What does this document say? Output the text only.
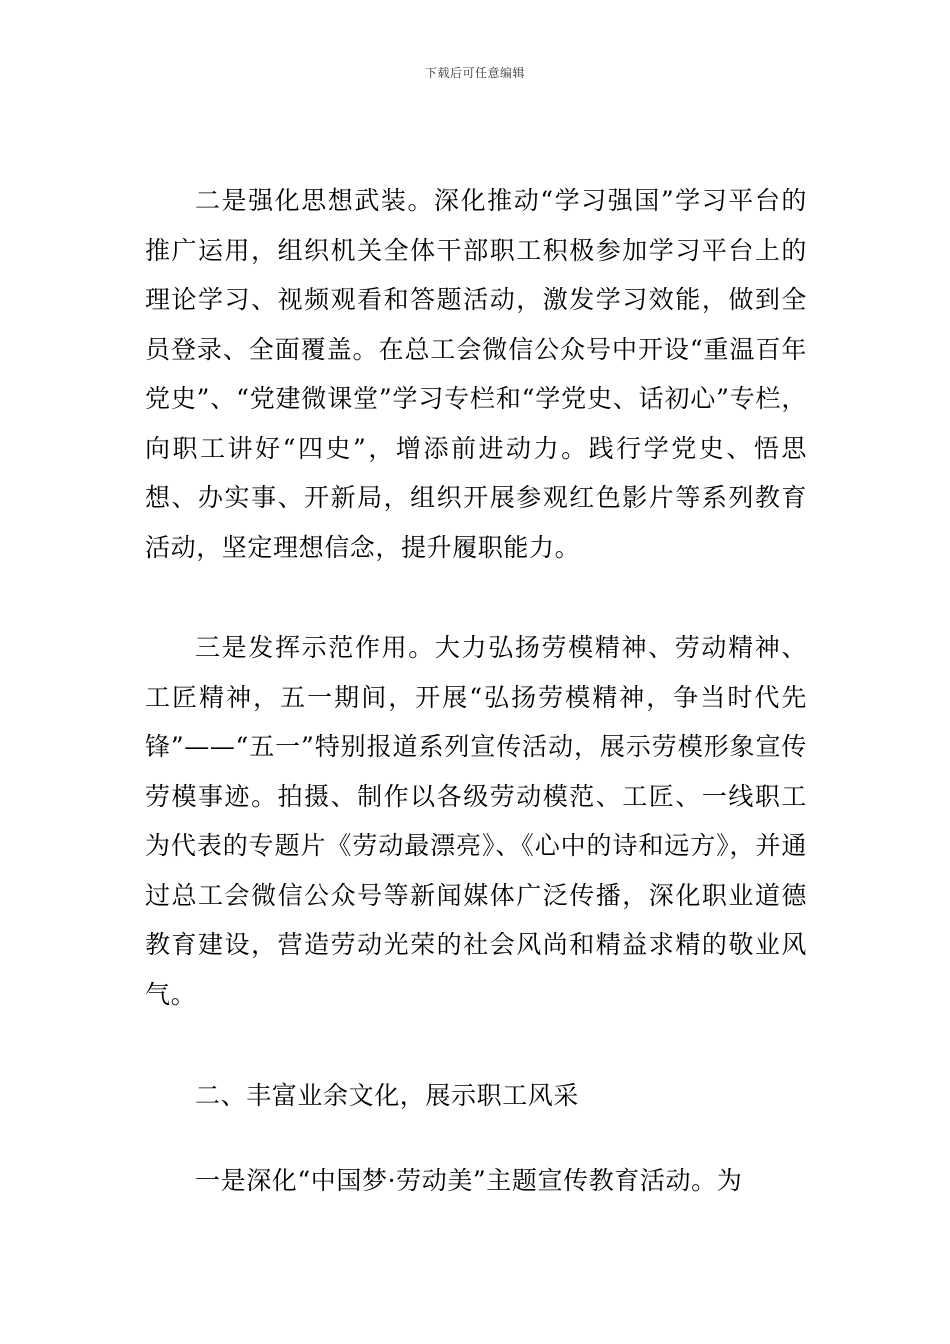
下载后可任意编辑

二是强化思想武装。深化推动“学习强国”学习平台的推广运用，组织机关全体干部职工积极参加学习平台上的理论学习、视频观看和答题活动，激发学习效能，做到全员登录、全面覆盖。在总工会微信公众号中开设“重温百年党史”、“党建微课堂”学习专栏和“学党史、话初心”专栏，向职工讲好“四史”，增添前进动力。践行学党史、悟思想、办实事、开新局，组织开展参观红色影片等系列教育活动，坚定理想信念，提升履职能力。

三是发挥示范作用。大力弘扬劳模精神、劳动精神、工匠精神，五一期间，开展“弘扬劳模精神，争当时代先锋”——“五一”特别报道系列宣传活动，展示劳模形象宣传劳模事迹。拍摄、制作以各级劳动模范、工匠、一线职工为代表的专题片《劳动最漂亮》、《心中的诗和远方》，并通过总工会微信公众号等新闻媒体广泛传播，深化职业道德教育建设，营造劳动光荣的社会风尚和精益求精的敬业风气。

二、丰富业余文化，展示职工风采

一是深化“中国梦·劳动美”主题宣传教育活动。为
